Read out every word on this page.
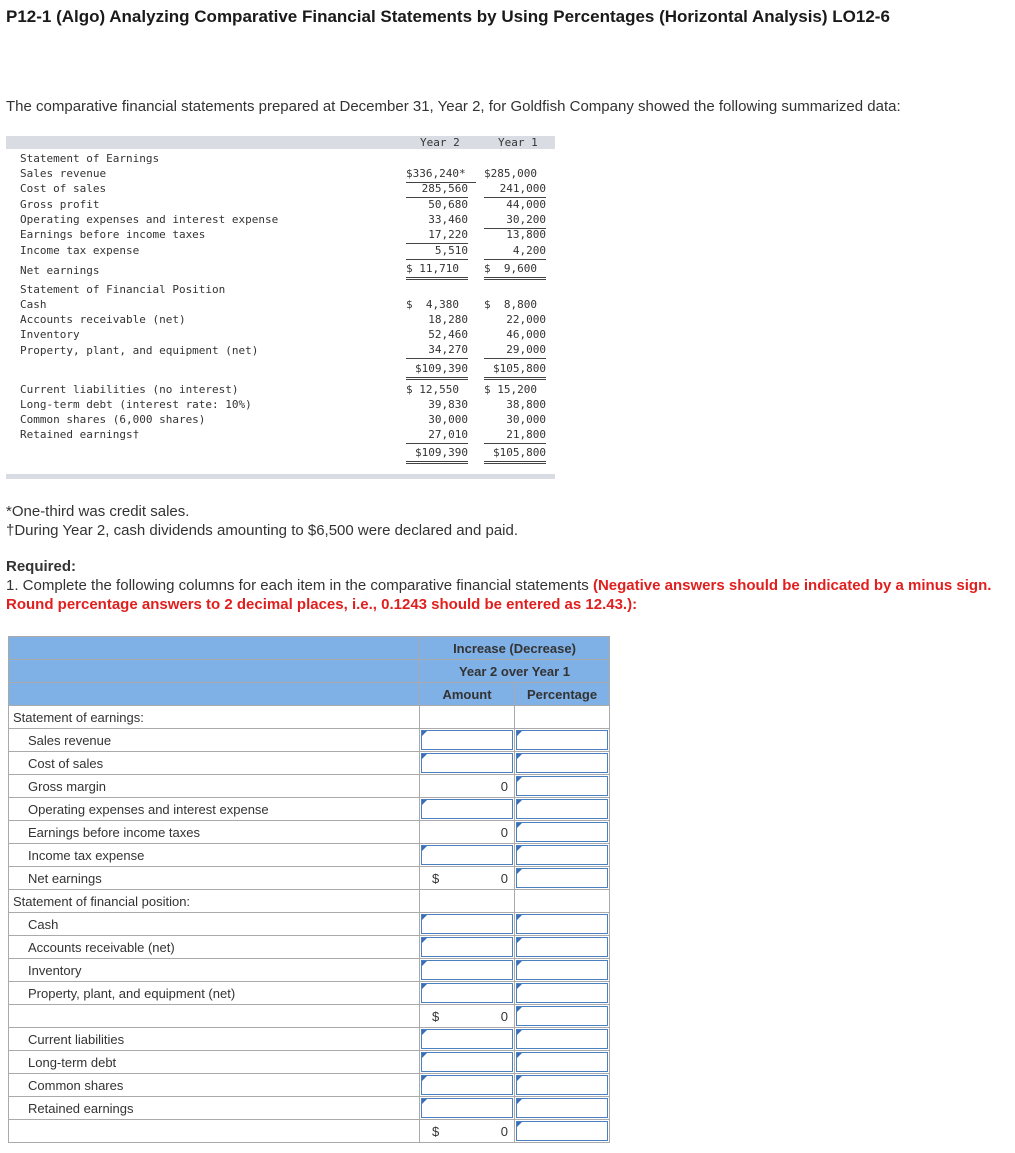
P12-1 (Algo) Analyzing Comparative Financial Statements by Using Percentages (Horizontal Analysis) LO12-6
The comparative financial statements prepared at December 31, Year 2, for Goldfish Company showed the following summarized data:
Year 2	Year 1
Statement of Earnings
Sales revenue	$336,240*	$285,000
Cost of sales	285,560	241,000
Gross profit	50,680	44,000
Operating expenses and interest expense	33,460	30,200
Earnings before income taxes	17,220	13,800
Income tax expense	5,510	4,200
Net earnings	$ 11,710	$  9,600
Statement of Financial Position
Cash	$  4,380	$  8,800
Accounts receivable (net)	18,280	22,000
Inventory	52,460	46,000
Property, plant, and equipment (net)	34,270	29,000
$109,390	$105,800
Current liabilities (no interest)	$ 12,550	$ 15,200
Long-term debt (interest rate: 10%)	39,830	38,800
Common shares (6,000 shares)	30,000	30,000
Retained earnings†	27,010	21,800
$109,390	$105,800
*One-third was credit sales.
†During Year 2, cash dividends amounting to $6,500 were declared and paid.
Required:
1. Complete the following columns for each item in the comparative financial statements (Negative answers should be indicated by a minus sign. Round percentage answers to 2 decimal places, i.e., 0.1243 should be entered as 12.43.):
	Increase (Decrease)	
	Year 2 over Year 1	
	Amount	Percentage
Statement of earnings:		
Sales revenue	

Cost of sales	

Gross margin	0	

Operating expenses and interest expense	

Earnings before income taxes	0	

Income tax expense	

Net earnings	$ 0	

Statement of financial position:		
Cash	

Accounts receivable (net)	

Inventory	

Property, plant, and equipment (net)	

	$ 0	

Current liabilities	

Long-term debt	

Common shares	

Retained earnings	

	$ 0	
